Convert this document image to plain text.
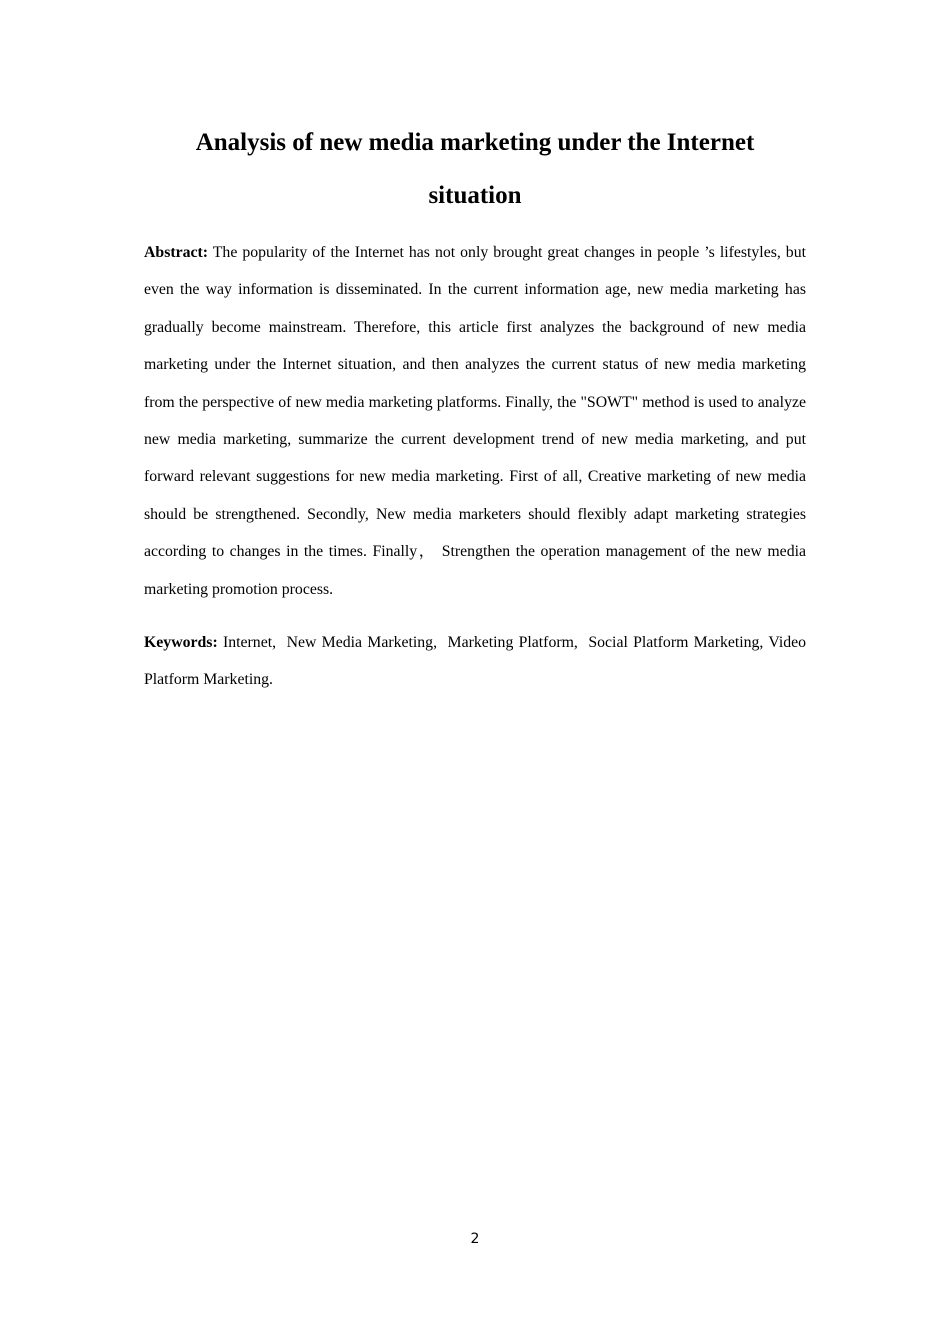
Analysis of new media marketing under the Internet
situation

Abstract: The popularity of the Internet has not only brought great changes in people ’s lifestyles, but even the way information is disseminated. In the current information age, new media marketing has gradually become mainstream. Therefore, this article first analyzes the background of new media marketing under the Internet situation, and then analyzes the current status of new media marketing from the perspective of new media marketing platforms. Finally, the "SOWT" method is used to analyze new media marketing, summarize the current development trend of new media marketing, and put forward relevant suggestions for new media marketing. First of all, Creative marketing of new media should be strengthened. Secondly, New media marketers should flexibly adapt marketing strategies according to changes in the times. Finally， Strengthen the operation management of the new media marketing promotion process.

Keywords: Internet, New Media Marketing, Marketing Platform, Social Platform Marketing, Video Platform Marketing.

2
